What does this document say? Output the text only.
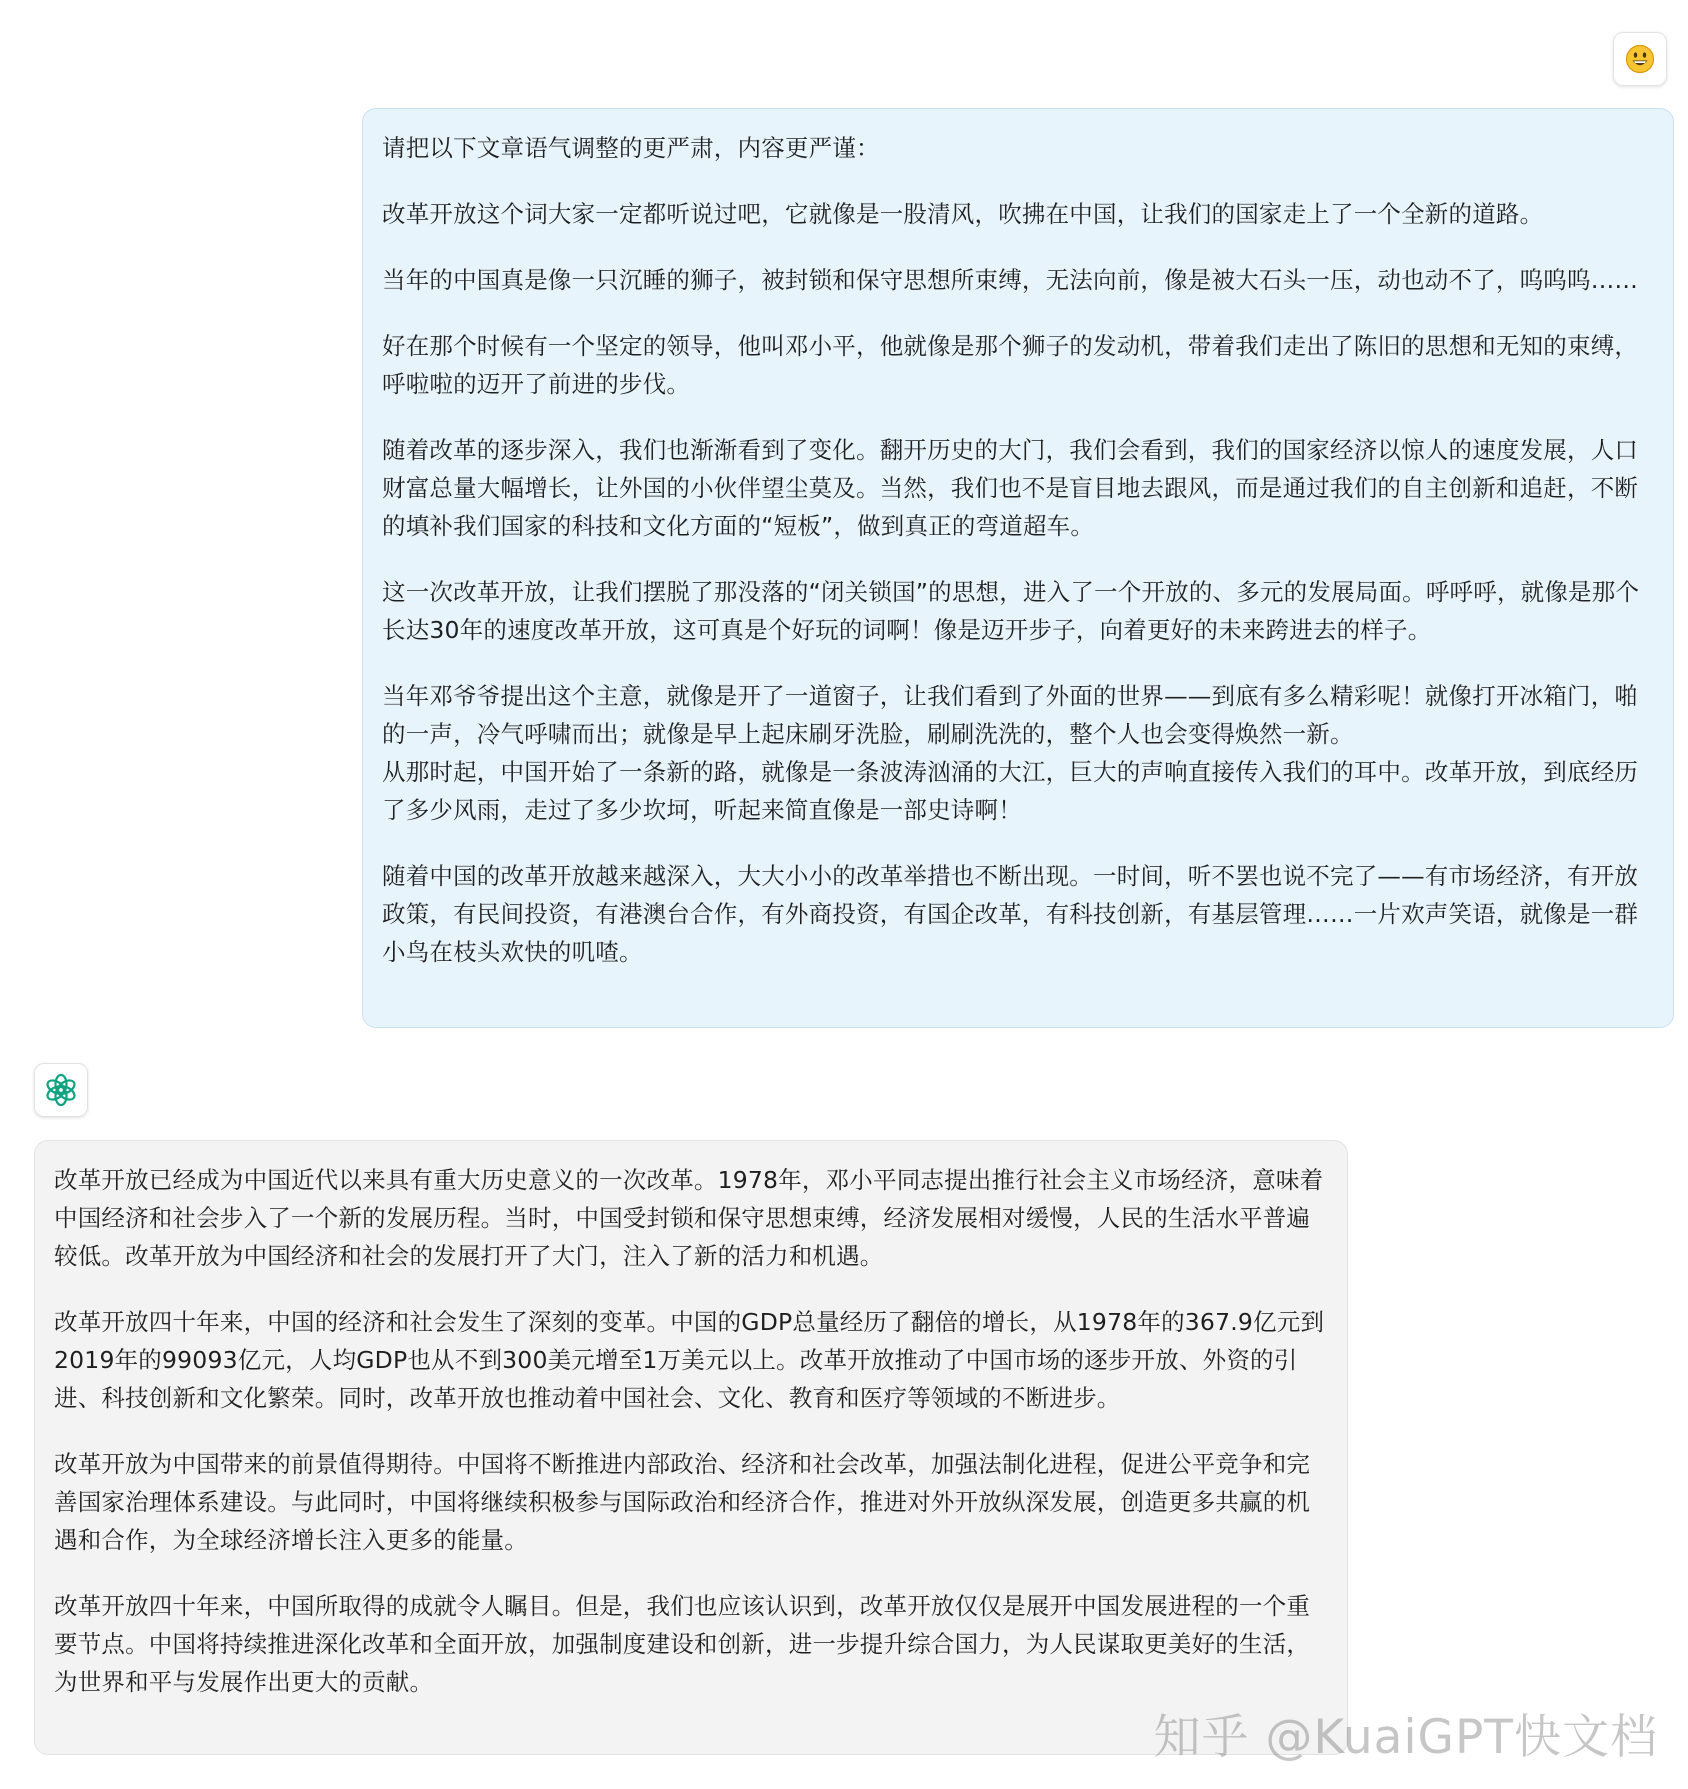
请把以下文章语气调整的更严肃，内容更严谨：

改革开放这个词大家一定都听说过吧，它就像是一股清风，吹拂在中国，让我们的国家走上了一个全新的道路。

当年的中国真是像一只沉睡的狮子，被封锁和保守思想所束缚，无法向前，像是被大石头一压，动也动不了，呜呜呜……

好在那个时候有一个坚定的领导，他叫邓小平，他就像是那个狮子的发动机，带着我们走出了陈旧的思想和无知的束缚，呼啦啦的迈开了前进的步伐。

随着改革的逐步深入，我们也渐渐看到了变化。翻开历史的大门，我们会看到，我们的国家经济以惊人的速度发展，人口财富总量大幅增长，让外国的小伙伴望尘莫及。当然，我们也不是盲目地去跟风，而是通过我们的自主创新和追赶，不断的填补我们国家的科技和文化方面的“短板”，做到真正的弯道超车。

这一次改革开放，让我们摆脱了那没落的“闭关锁国”的思想，进入了一个开放的、多元的发展局面。呼呼呼，就像是那个长达30年的速度改革开放，这可真是个好玩的词啊！像是迈开步子，向着更好的未来跨进去的样子。

当年邓爷爷提出这个主意，就像是开了一道窗子，让我们看到了外面的世界——到底有多么精彩呢！就像打开冰箱门，啪的一声，冷气呼啸而出；就像是早上起床刷牙洗脸，刷刷洗洗的，整个人也会变得焕然一新。

从那时起，中国开始了一条新的路，就像是一条波涛汹涌的大江，巨大的声响直接传入我们的耳中。改革开放，到底经历了多少风雨，走过了多少坎坷，听起来简直像是一部史诗啊！

随着中国的改革开放越来越深入，大大小小的改革举措也不断出现。一时间，听不罢也说不完了——有市场经济，有开放政策，有民间投资，有港澳台合作，有外商投资，有国企改革，有科技创新，有基层管理……一片欢声笑语，就像是一群小鸟在枝头欢快的叽喳。

改革开放已经成为中国近代以来具有重大历史意义的一次改革。1978年，邓小平同志提出推行社会主义市场经济，意味着中国经济和社会步入了一个新的发展历程。当时，中国受封锁和保守思想束缚，经济发展相对缓慢，人民的生活水平普遍较低。改革开放为中国经济和社会的发展打开了大门，注入了新的活力和机遇。

改革开放四十年来，中国的经济和社会发生了深刻的变革。中国的GDP总量经历了翻倍的增长，从1978年的367.9亿元到2019年的99093亿元，人均GDP也从不到300美元增至1万美元以上。改革开放推动了中国市场的逐步开放、外资的引进、科技创新和文化繁荣。同时，改革开放也推动着中国社会、文化、教育和医疗等领域的不断进步。

改革开放为中国带来的前景值得期待。中国将不断推进内部政治、经济和社会改革，加强法制化进程，促进公平竞争和完善国家治理体系建设。与此同时，中国将继续积极参与国际政治和经济合作，推进对外开放纵深发展，创造更多共赢的机遇和合作，为全球经济增长注入更多的能量。

改革开放四十年来，中国所取得的成就令人瞩目。但是，我们也应该认识到，改革开放仅仅是展开中国发展进程的一个重要节点。中国将持续推进深化改革和全面开放，加强制度建设和创新，进一步提升综合国力，为人民谋取更美好的生活，为世界和平与发展作出更大的贡献。

知乎 @KuaiGPT快文档
